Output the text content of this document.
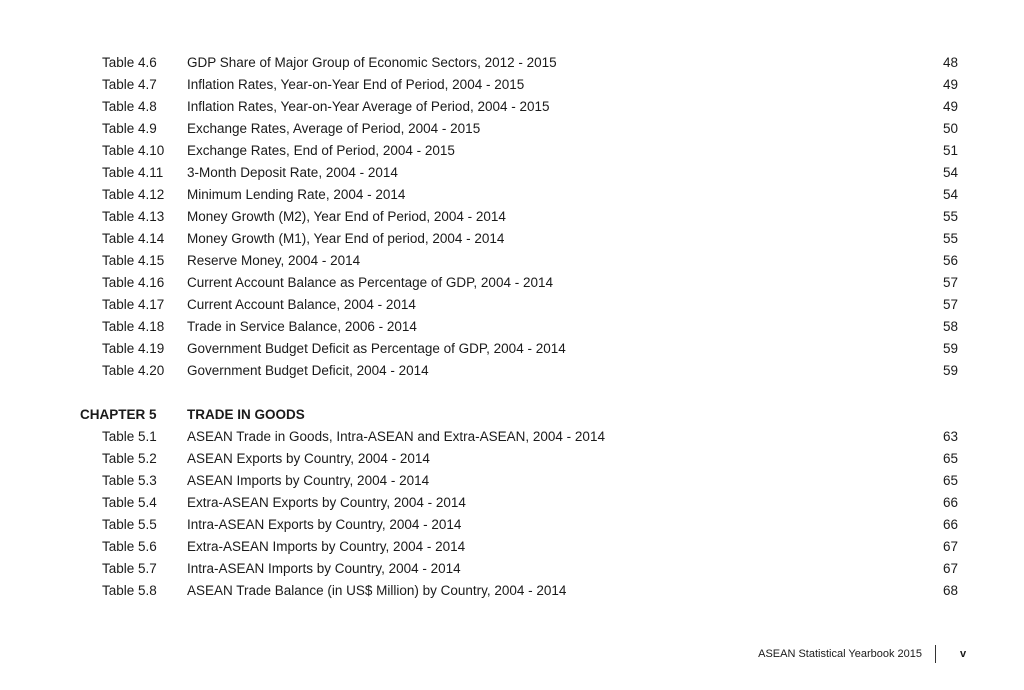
Table 4.6 GDP Share of Major Group of Economic Sectors, 2012 - 2015	48
Table 4.7 Inflation Rates, Year-on-Year End of Period, 2004 - 2015	49
Table 4.8 Inflation Rates, Year-on-Year Average of Period, 2004 - 2015	49
Table 4.9 Exchange Rates, Average of Period, 2004 - 2015	50
Table 4.10 Exchange Rates, End of Period, 2004 - 2015	51
Table 4.11 3-Month Deposit Rate, 2004 - 2014	54
Table 4.12 Minimum Lending Rate, 2004 - 2014	54
Table 4.13 Money Growth (M2), Year End of Period, 2004 - 2014	55
Table 4.14 Money Growth (M1), Year End of period, 2004 - 2014	55
Table 4.15 Reserve Money, 2004 - 2014	56
Table 4.16 Current Account Balance as Percentage of GDP, 2004 - 2014	57
Table 4.17 Current Account Balance, 2004 - 2014	57
Table 4.18 Trade in Service Balance, 2006 - 2014	58
Table 4.19 Government Budget Deficit as Percentage of GDP, 2004 - 2014	59
Table 4.20 Government Budget Deficit, 2004 - 2014	59
CHAPTER 5 TRADE IN GOODS
Table 5.1 ASEAN Trade in Goods, Intra-ASEAN and Extra-ASEAN, 2004 - 2014	63
Table 5.2 ASEAN Exports by Country, 2004 - 2014	65
Table 5.3 ASEAN Imports by Country, 2004 - 2014	65
Table 5.4 Extra-ASEAN Exports by Country, 2004 - 2014	66
Table 5.5 Intra-ASEAN Exports by Country, 2004 - 2014	66
Table 5.6 Extra-ASEAN Imports by Country, 2004 - 2014	67
Table 5.7 Intra-ASEAN Imports by Country, 2004 - 2014	67
Table 5.8 ASEAN Trade Balance (in US$ Million) by Country, 2004 - 2014	68
ASEAN Statistical Yearbook 2015	v
